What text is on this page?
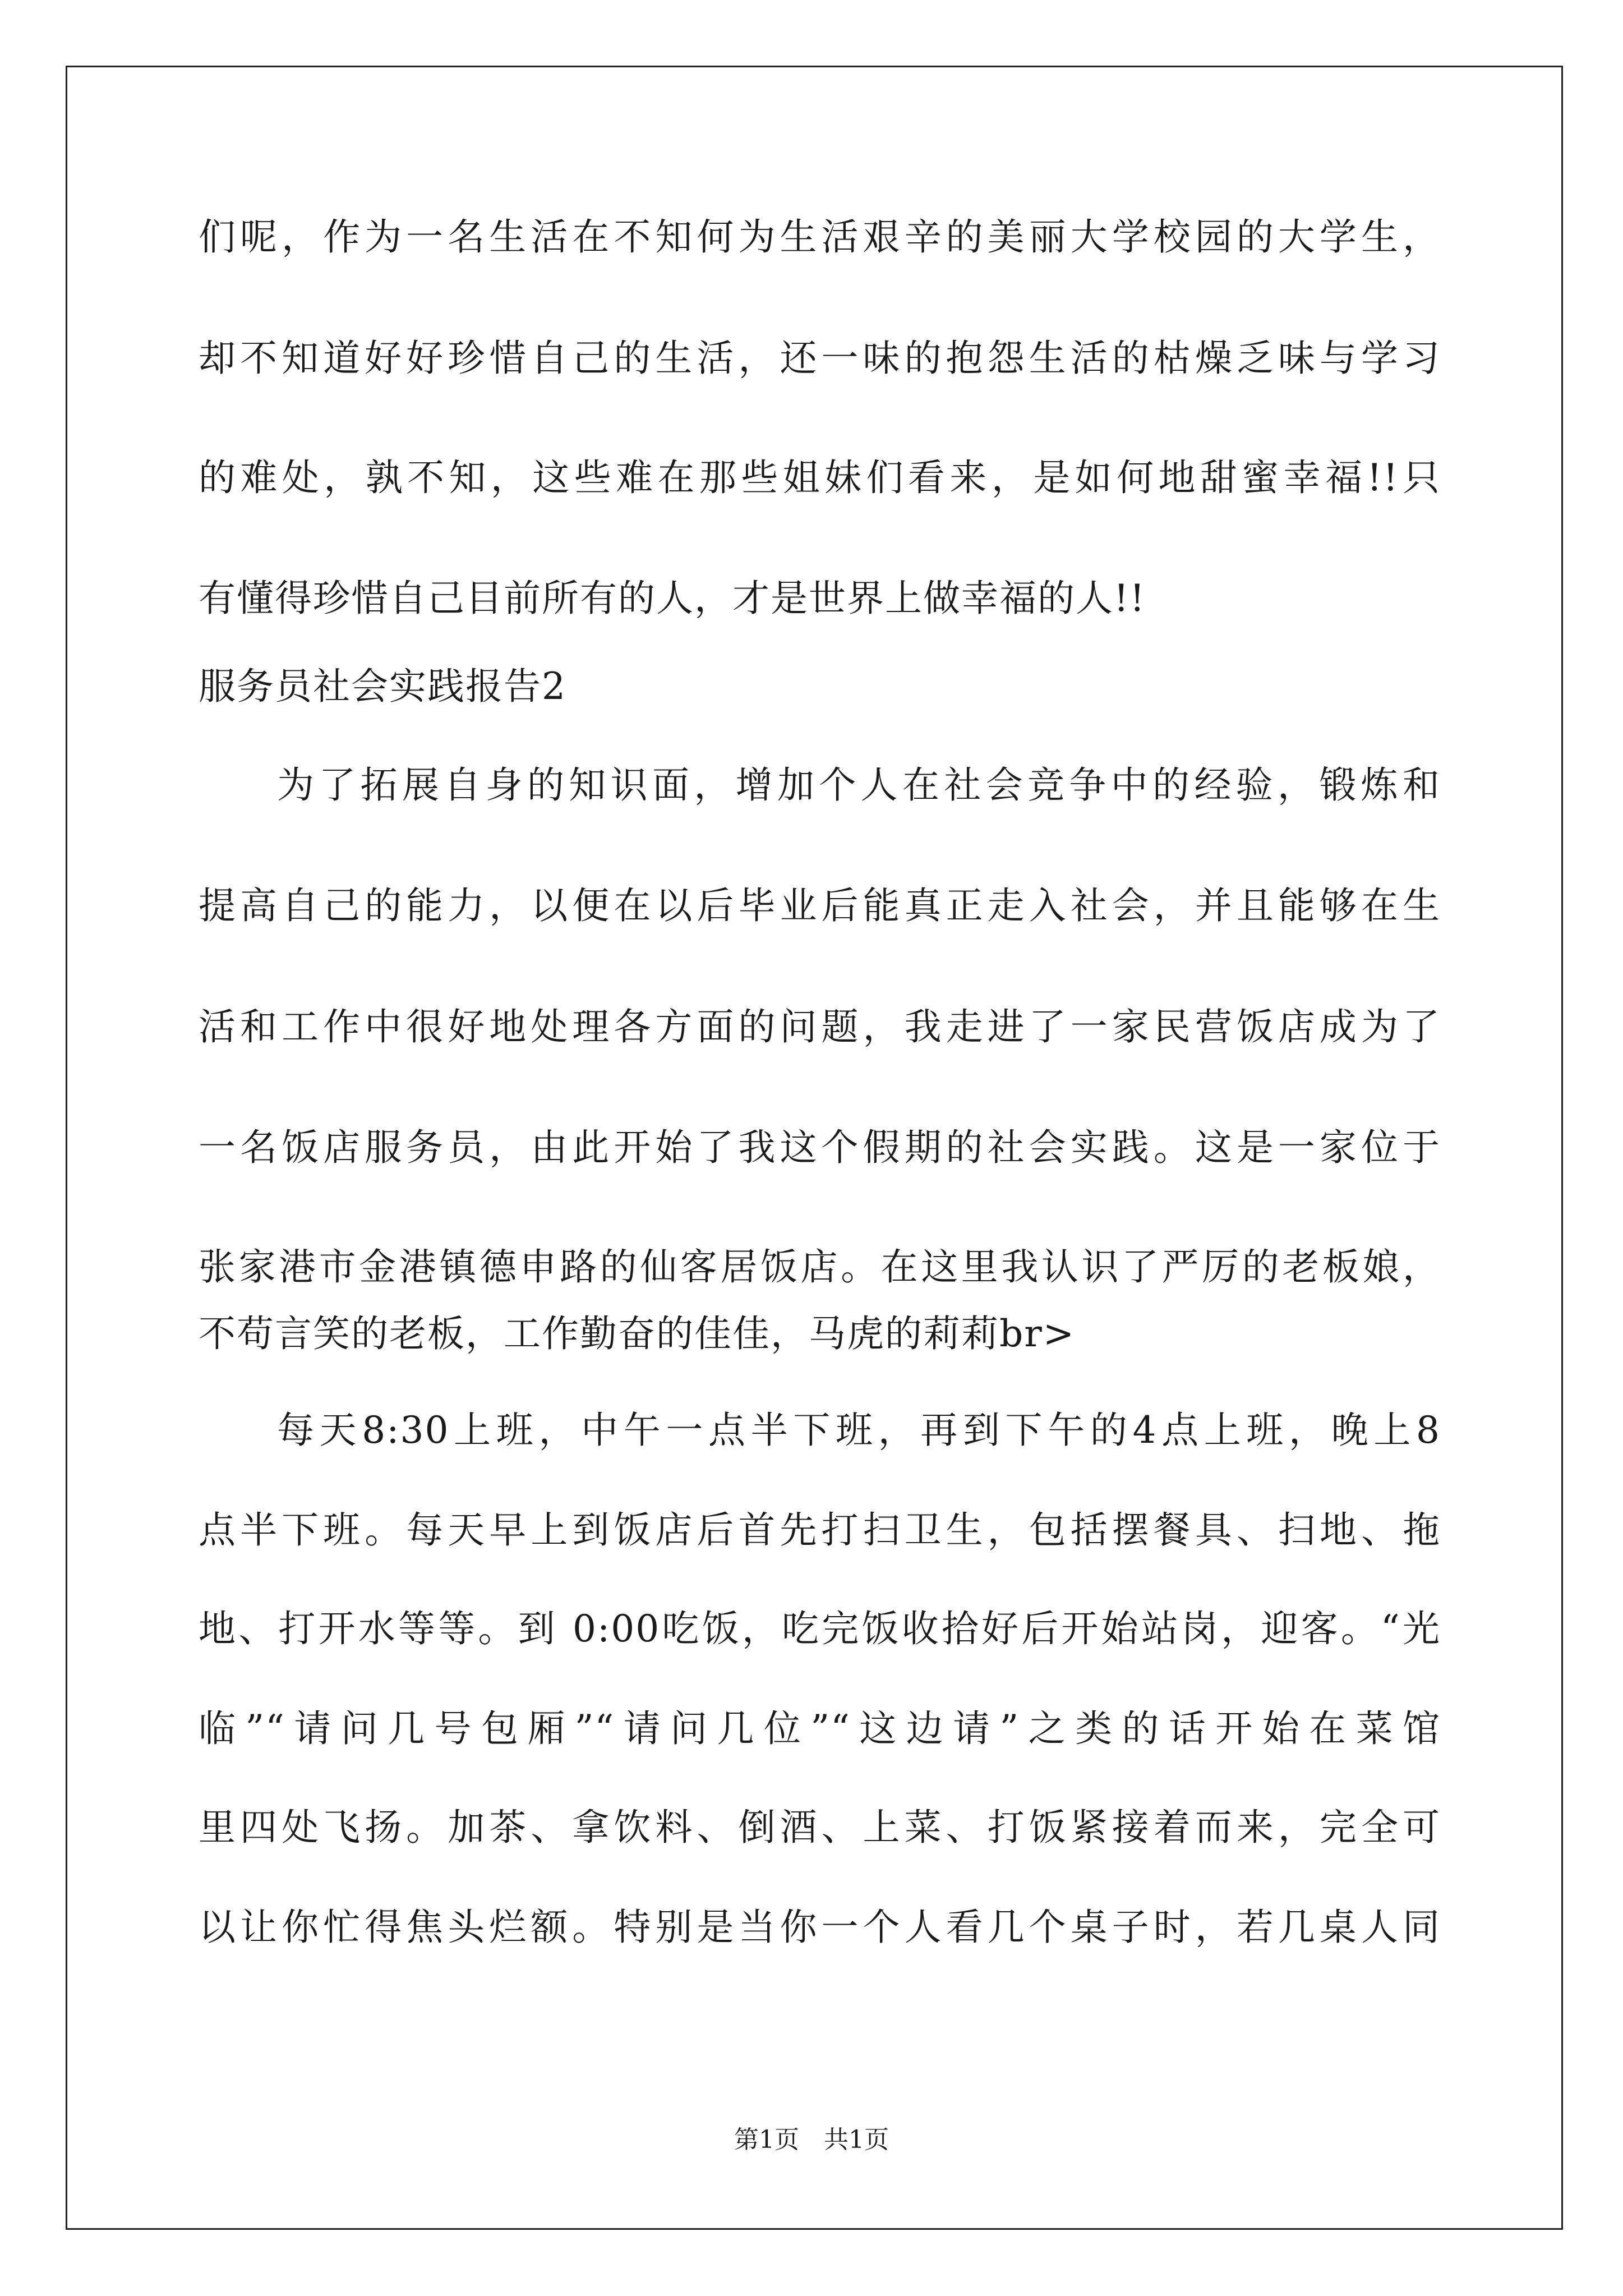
们呢，作为一名生活在不知何为生活艰辛的美丽大学校园的大学生，
却不知道好好珍惜自己的生活，还一味的抱怨生活的枯燥乏味与学习
的难处，孰不知，这些难在那些姐妹们看来，是如何地甜蜜幸福!!只
有懂得珍惜自己目前所有的人，才是世界上做幸福的人!!
服务员社会实践报告2
为了拓展自身的知识面，增加个人在社会竞争中的经验，锻炼和
提高自己的能力，以便在以后毕业后能真正走入社会，并且能够在生
活和工作中很好地处理各方面的问题，我走进了一家民营饭店成为了
一名饭店服务员，由此开始了我这个假期的社会实践。这是一家位于
张家港市金港镇德申路的仙客居饭店。在这里我认识了严厉的老板娘，
不苟言笑的老板，工作勤奋的佳佳，马虎的莉莉br>
每天8:30上班，中午一点半下班，再到下午的4点上班，晚上8
点半下班。每天早上到饭店后首先打扫卫生，包括摆餐具、扫地、拖
地、打开水等等。到 0:00吃饭，吃完饭收拾好后开始站岗，迎客。“光
临”“请问几号包厢”“请问几位”“这边请”之类的话开始在菜馆
里四处飞扬。加茶、拿饮料、倒酒、上菜、打饭紧接着而来，完全可
以让你忙得焦头烂额。特别是当你一个人看几个桌子时，若几桌人同
第1页　共1页
